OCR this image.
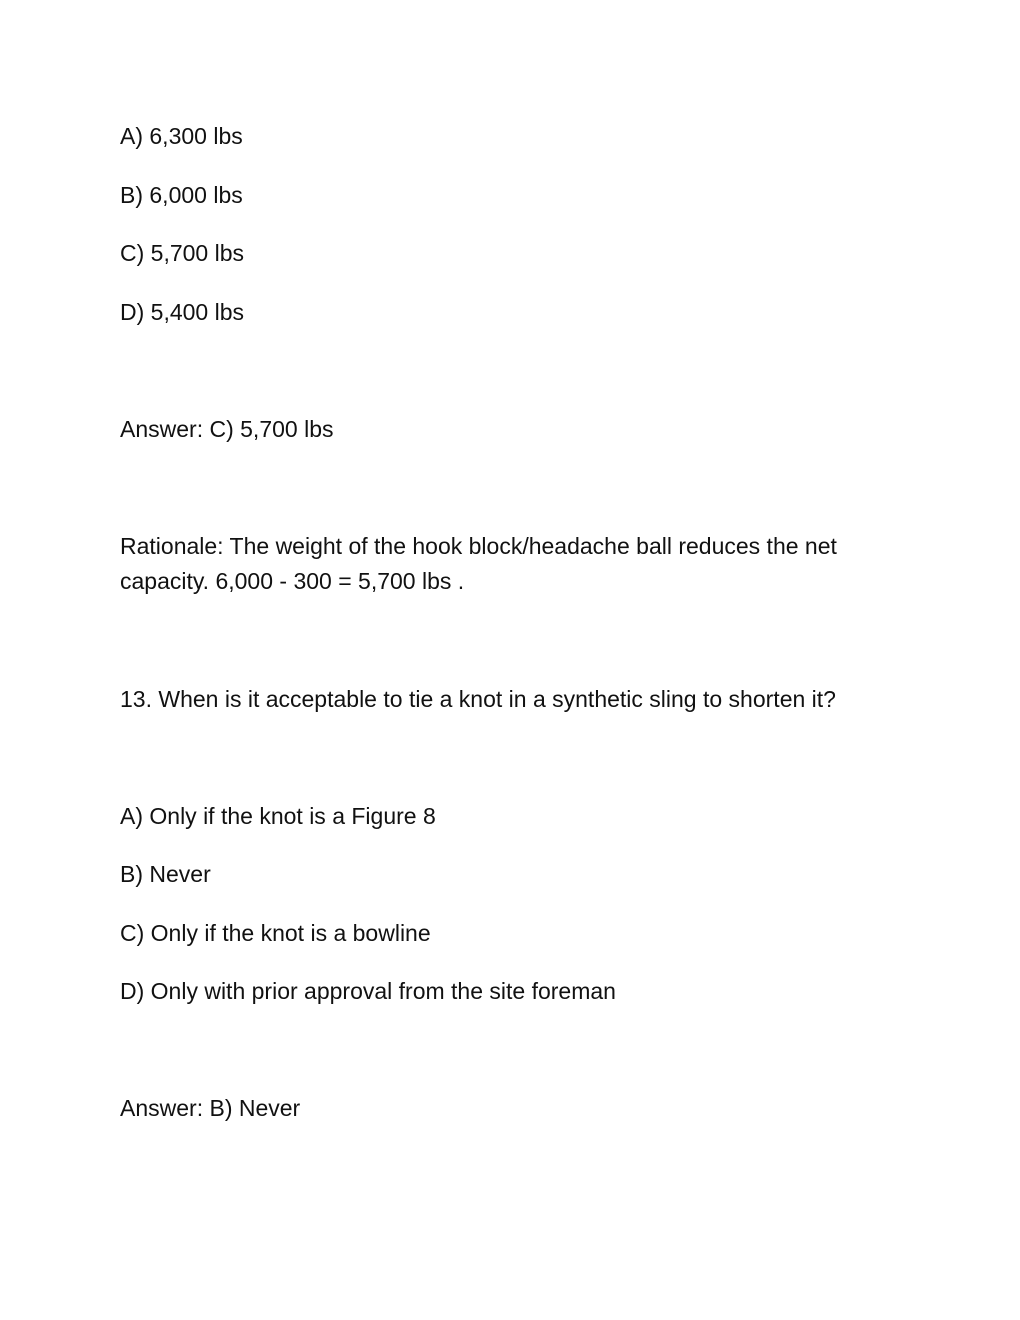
A) 6,300 lbs

B) 6,000 lbs

C) 5,700 lbs

D) 5,400 lbs

Answer: C) 5,700 lbs

Rationale: The weight of the hook block/headache ball reduces the net capacity. 6,000 - 300 = 5,700 lbs .

13. When is it acceptable to tie a knot in a synthetic sling to shorten it?

A) Only if the knot is a Figure 8

B) Never

C) Only if the knot is a bowline

D) Only with prior approval from the site foreman

Answer: B) Never
